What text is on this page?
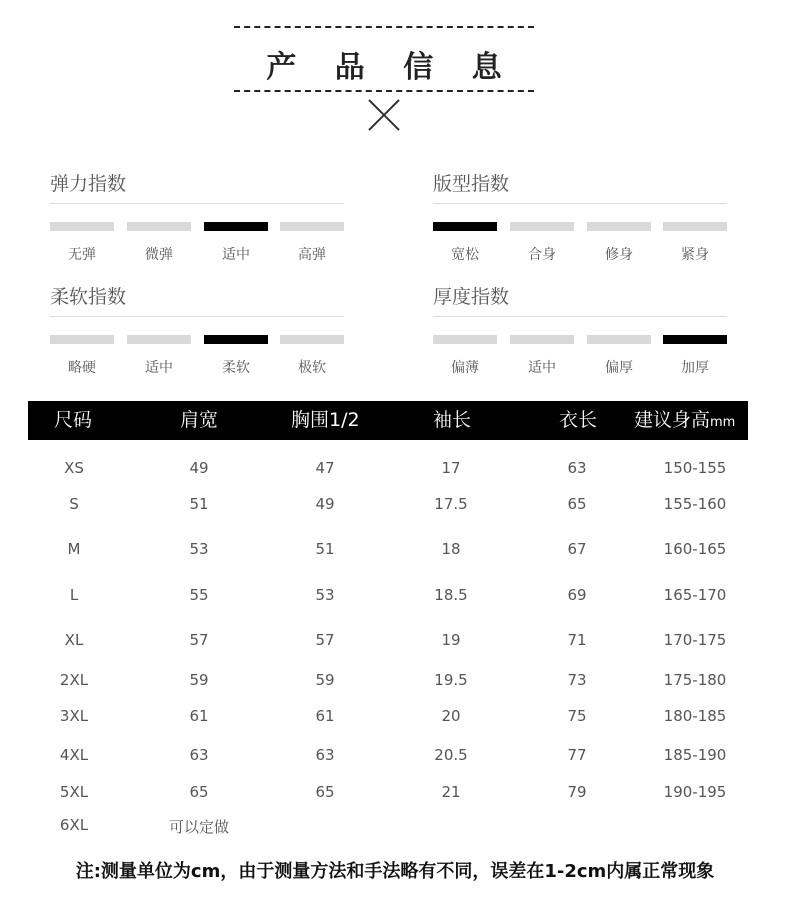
产 品 信 息
弹力指数
无弹	微弹	适中	高弹
版型指数
宽松	合身	修身	紧身
柔软指数
略硬	适中	柔软	极软
厚度指数
偏薄	适中	偏厚	加厚
尺码	肩宽	胸围1/2	袖长	衣长 建议身高mm
XS	49	47	17	63	150-155
S	51	49	17.5	65	155-160
M	53	51	18	67	160-165
L	55	53	18.5	69	165-170
XL	57	57	19	71	170-175
2XL	59	59	19.5	73	175-180
3XL	61	61	20	75	180-185
4XL	63	63	20.5	77	185-190
5XL	65	65	21	79	190-195
6XL	可以定做
注:测量单位为cm，由于测量方法和手法略有不同，误差在1-2cm内属正常现象
